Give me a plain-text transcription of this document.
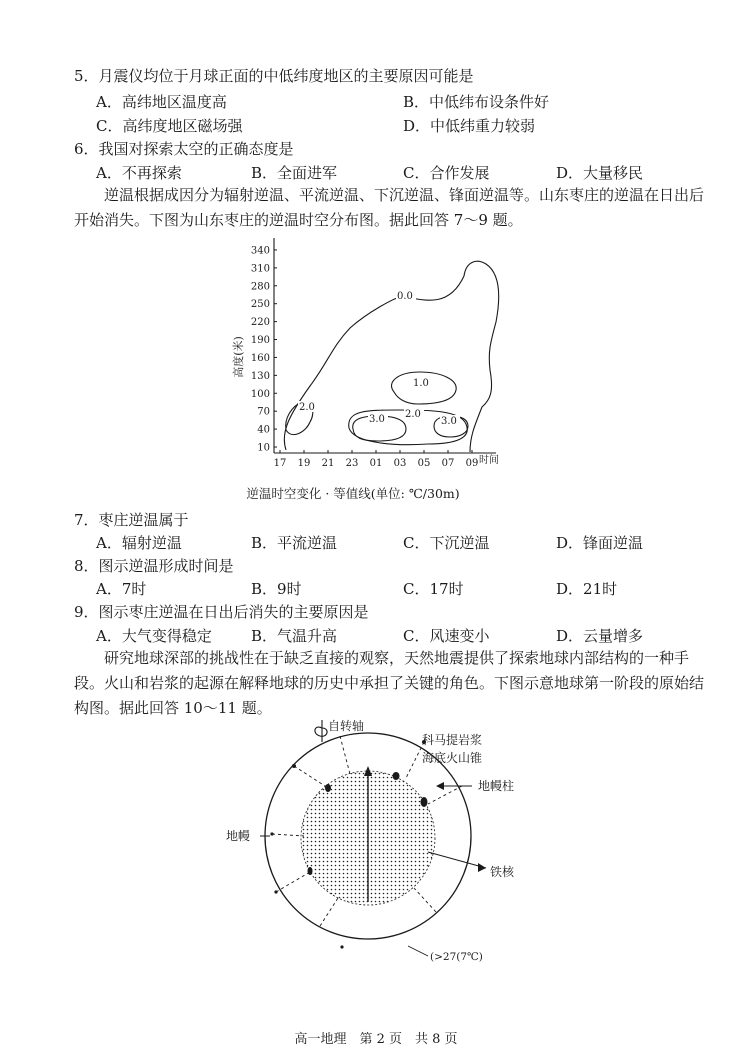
5．月震仪均位于月球正面的中低纬度地区的主要原因可能是
A．高纬地区温度高	B．中低纬布设条件好
C．高纬度地区磁场强	D．中低纬重力较弱
6．我国对探索太空的正确态度是
A．不再探索	B．全面进军	C．合作发展	D．大量移民

逆温根据成因分为辐射逆温、平流逆温、下沉逆温、锋面逆温等。山东枣庄的逆温在日出后开始消失。下图为山东枣庄的逆温时空分布图。据此回答 7～9 题。

10
40
70
100
130
160
190
220
250
280
310
340
17 19 21 23 01 03 05 07 09
高度(米)
时间
0.0
1.0
2.0
2.0
3.0	3.0
逆温时空变化 · 等值线(单位: ℃/30m)
7．枣庄逆温属于
A．辐射逆温	B．平流逆温	C．下沉逆温	D．锋面逆温
8．图示逆温形成时间是
A．7时	B．9时	C．17时	D．21时
9．图示枣庄逆温在日出后消失的主要原因是
A．大气变得稳定	B．气温升高	C．风速变小	D．云量增多

研究地球深部的挑战性在于缺乏直接的观察，天然地震提供了探索地球内部结构的一种手段。火山和岩浆的起源在解释地球的历史中承担了关键的角色。下图示意地球第一阶段的原始结构图。据此回答 10～11 题。

自转轴
科马提岩浆
海底火山锥
地幔柱
地幔
铁核
(>27(7℃)
高一地理　第 2 页　共 8 页
